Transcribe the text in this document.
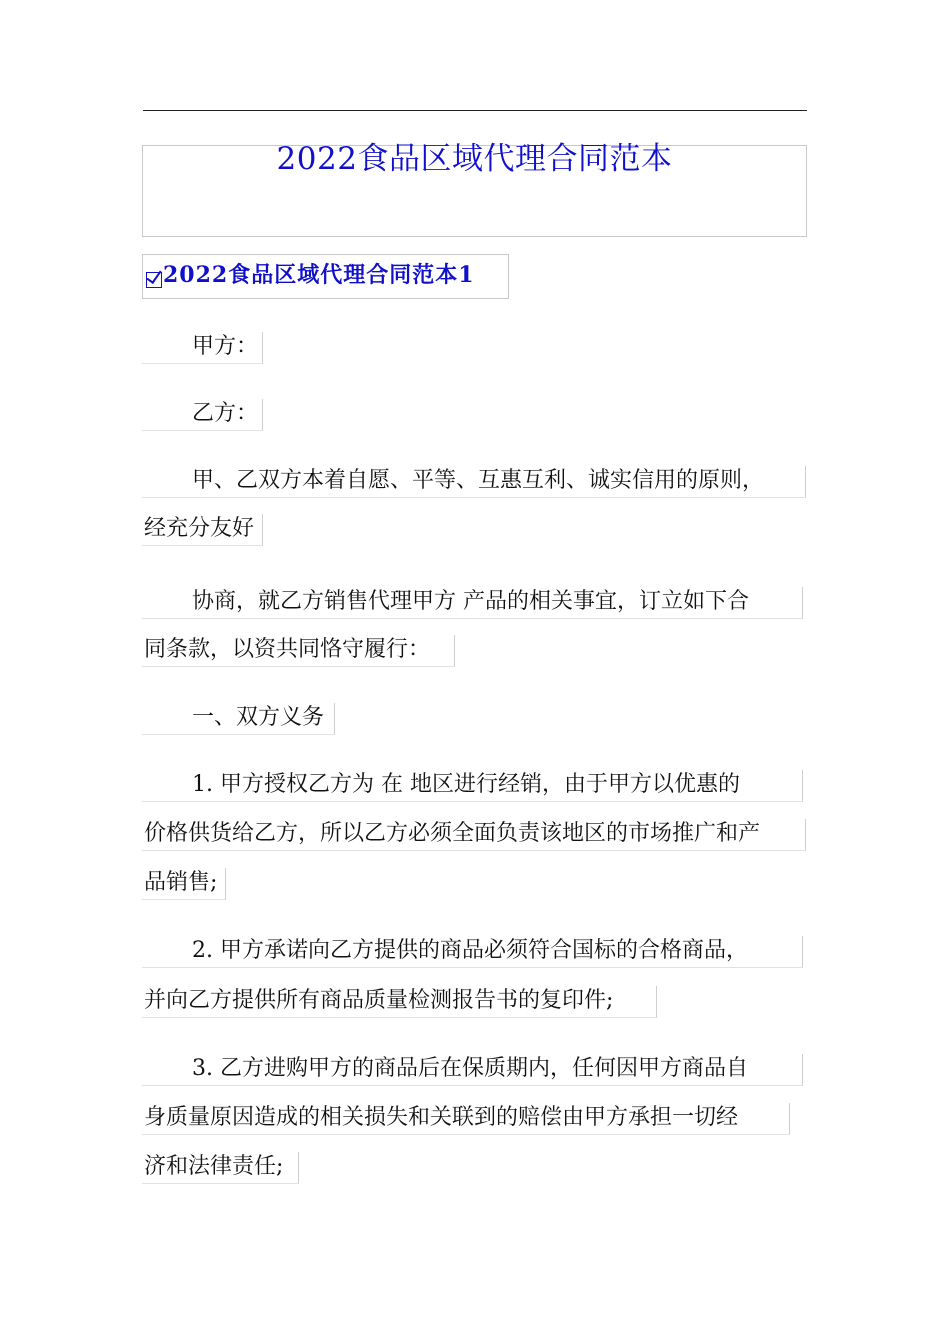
2022食品区域代理合同范本
2022食品区域代理合同范本1
甲方：
乙方：
甲、乙双方本着自愿、平等、互惠互利、诚实信用的原则，
经充分友好
协商，就乙方销售代理甲方 产品的相关事宜，订立如下合
同条款，以资共同恪守履行：
一、双方义务
1. 甲方授权乙方为 在 地区进行经销，由于甲方以优惠的
价格供货给乙方，所以乙方必须全面负责该地区的市场推广和产
品销售;
2. 甲方承诺向乙方提供的商品必须符合国标的合格商品，
并向乙方提供所有商品质量检测报告书的复印件;
3. 乙方进购甲方的商品后在保质期内，任何因甲方商品自
身质量原因造成的相关损失和关联到的赔偿由甲方承担一切经
济和法律责任;
